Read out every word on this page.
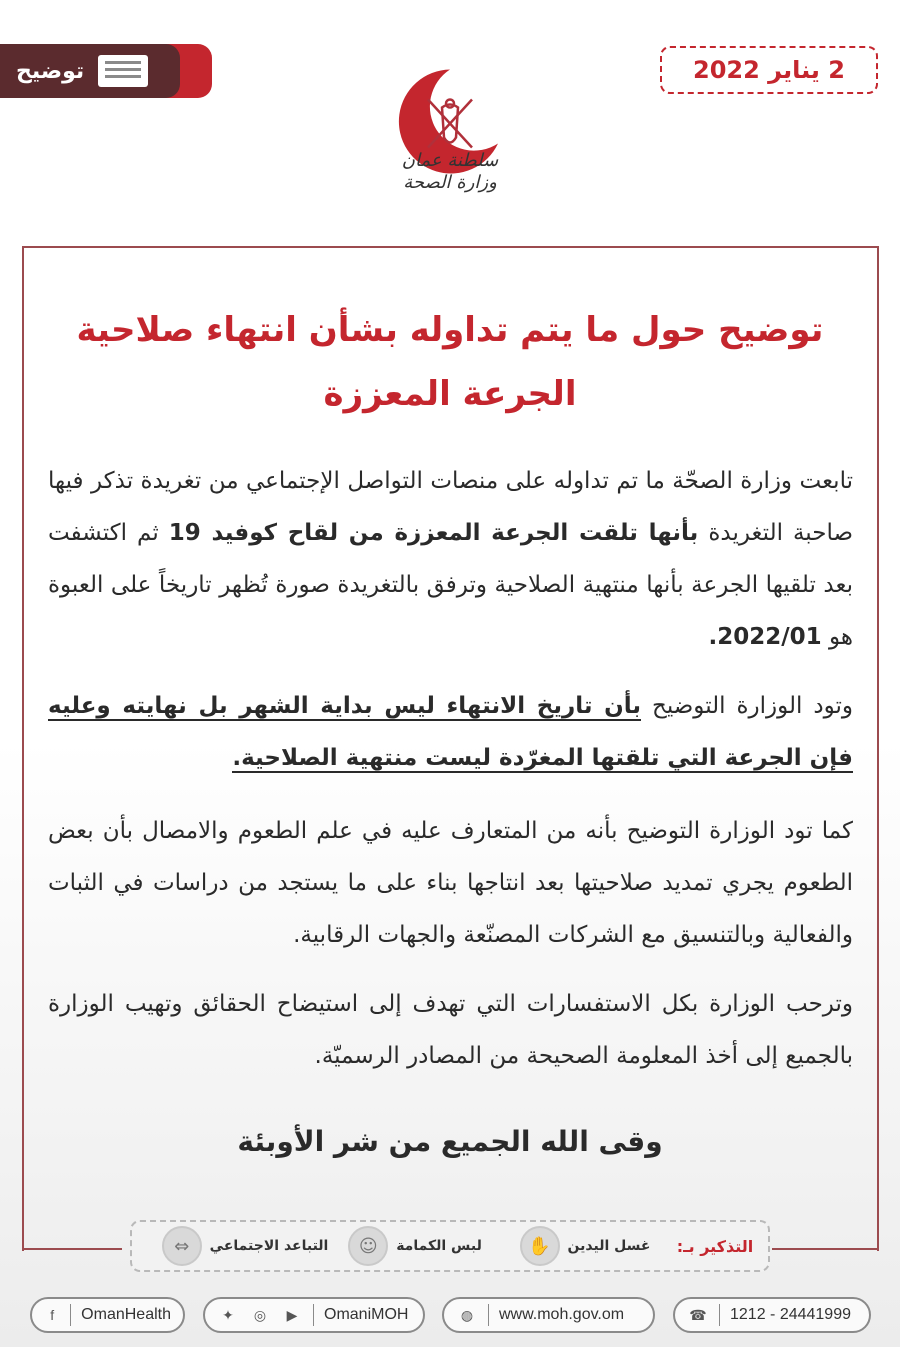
توضيح	2 يناير 2022
سلطنة عمان
وزارة الصحة
توضيح حول ما يتم تداوله بشأن انتهاء صلاحية الجرعة المعززة
تابعت وزارة الصحّة ما تم تداوله على منصات التواصل الإجتماعي من تغريدة تذكر فيها صاحبة التغريدة بأنها تلقت الجرعة المعززة من لقاح كوفيد 19 ثم اكتشفت بعد تلقيها الجرعة بأنها منتهية الصلاحية وترفق بالتغريدة صورة تُظهر تاريخاً على العبوة هو 2022/01.
وتود الوزارة التوضيح بأن تاريخ الانتهاء ليس بداية الشهر بل نهايته وعليه فإن الجرعة التي تلقتها المغرّدة ليست منتهية الصلاحية.
كما تود الوزارة التوضيح بأنه من المتعارف عليه في علم الطعوم والامصال بأن بعض الطعوم يجري تمديد صلاحيتها بعد انتاجها بناء على ما يستجد من دراسات في الثبات والفعالية وبالتنسيق مع الشركات المصنّعة والجهات الرقابية.
وترحب الوزارة بكل الاستفسارات التي تهدف إلى استيضاح الحقائق وتهيب الوزارة بالجميع إلى أخذ المعلومة الصحيحة من المصادر الرسميّة.
وقى الله الجميع من شر الأوبئة
التذكير بـ:
غسل اليدين
✋
لبس الكمامة
☺
التباعد الاجتماعي
⇔
f	OmanHealth	✦	◎	▶	OmaniMOH	◍	www.moh.gov.om	☎ 1212 - 24441999
